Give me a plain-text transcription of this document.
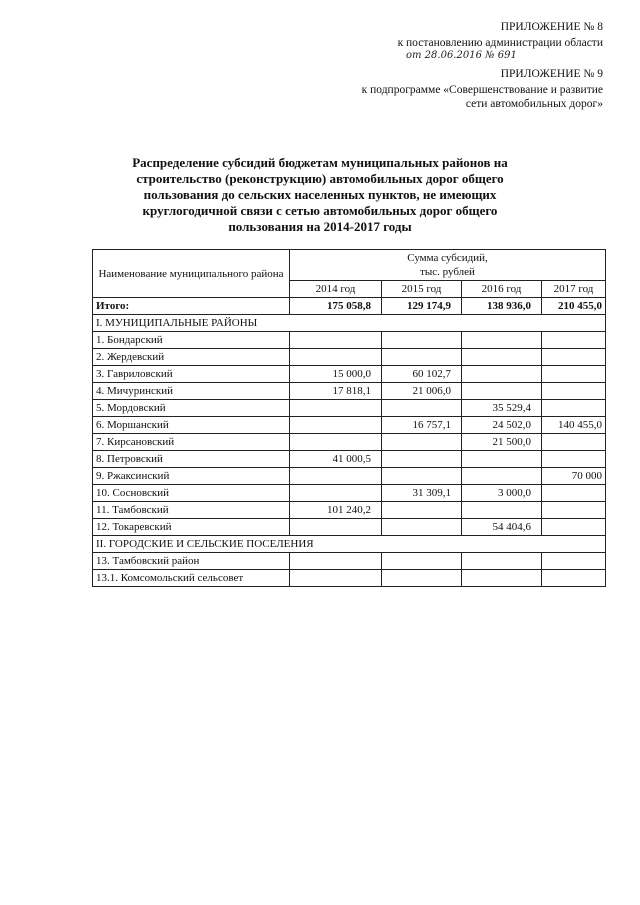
ПРИЛОЖЕНИЕ № 8
к постановлению администрации области
от 28.06.2016 № 691
ПРИЛОЖЕНИЕ № 9
к подпрограмме «Совершенствование и развитие
сети автомобильных дорог»
Распределение субсидий бюджетам муниципальных районов на
строительство (реконструкцию) автомобильных дорог общего
пользования до сельских населенных пунктов, не имеющих
круглогодичной связи с сетью автомобильных дорог общего
пользования на 2014-2017 годы
Наименование муниципального района	Сумма субсидий,
тыс. рублей			

	2014 год	2015 год	2016 год	2017 год
Итого:	175 058,8	129 174,9	138 936,0	210 455,0
I. МУНИЦИПАЛЬНЫЕ РАЙОНЫ				
1. Бондарский				
2. Жердевский				
3. Гавриловский	15 000,0	60 102,7		
4. Мичуринский	17 818,1	21 006,0		
5. Мордовский			35 529,4	
6. Моршанский		16 757,1	24 502,0	140 455,0
7. Кирсановский			21 500,0	
8. Петровский	41 000,5			
9. Ржаксинский				70 000
10. Сосновский		31 309,1	3 000,0	
11. Тамбовский	101 240,2			
12. Токаревский			54 404,6	
II. ГОРОДСКИЕ И СЕЛЬСКИЕ ПОСЕЛЕНИЯ				
13. Тамбовский район				
13.1. Комсомольский сельсовет				
